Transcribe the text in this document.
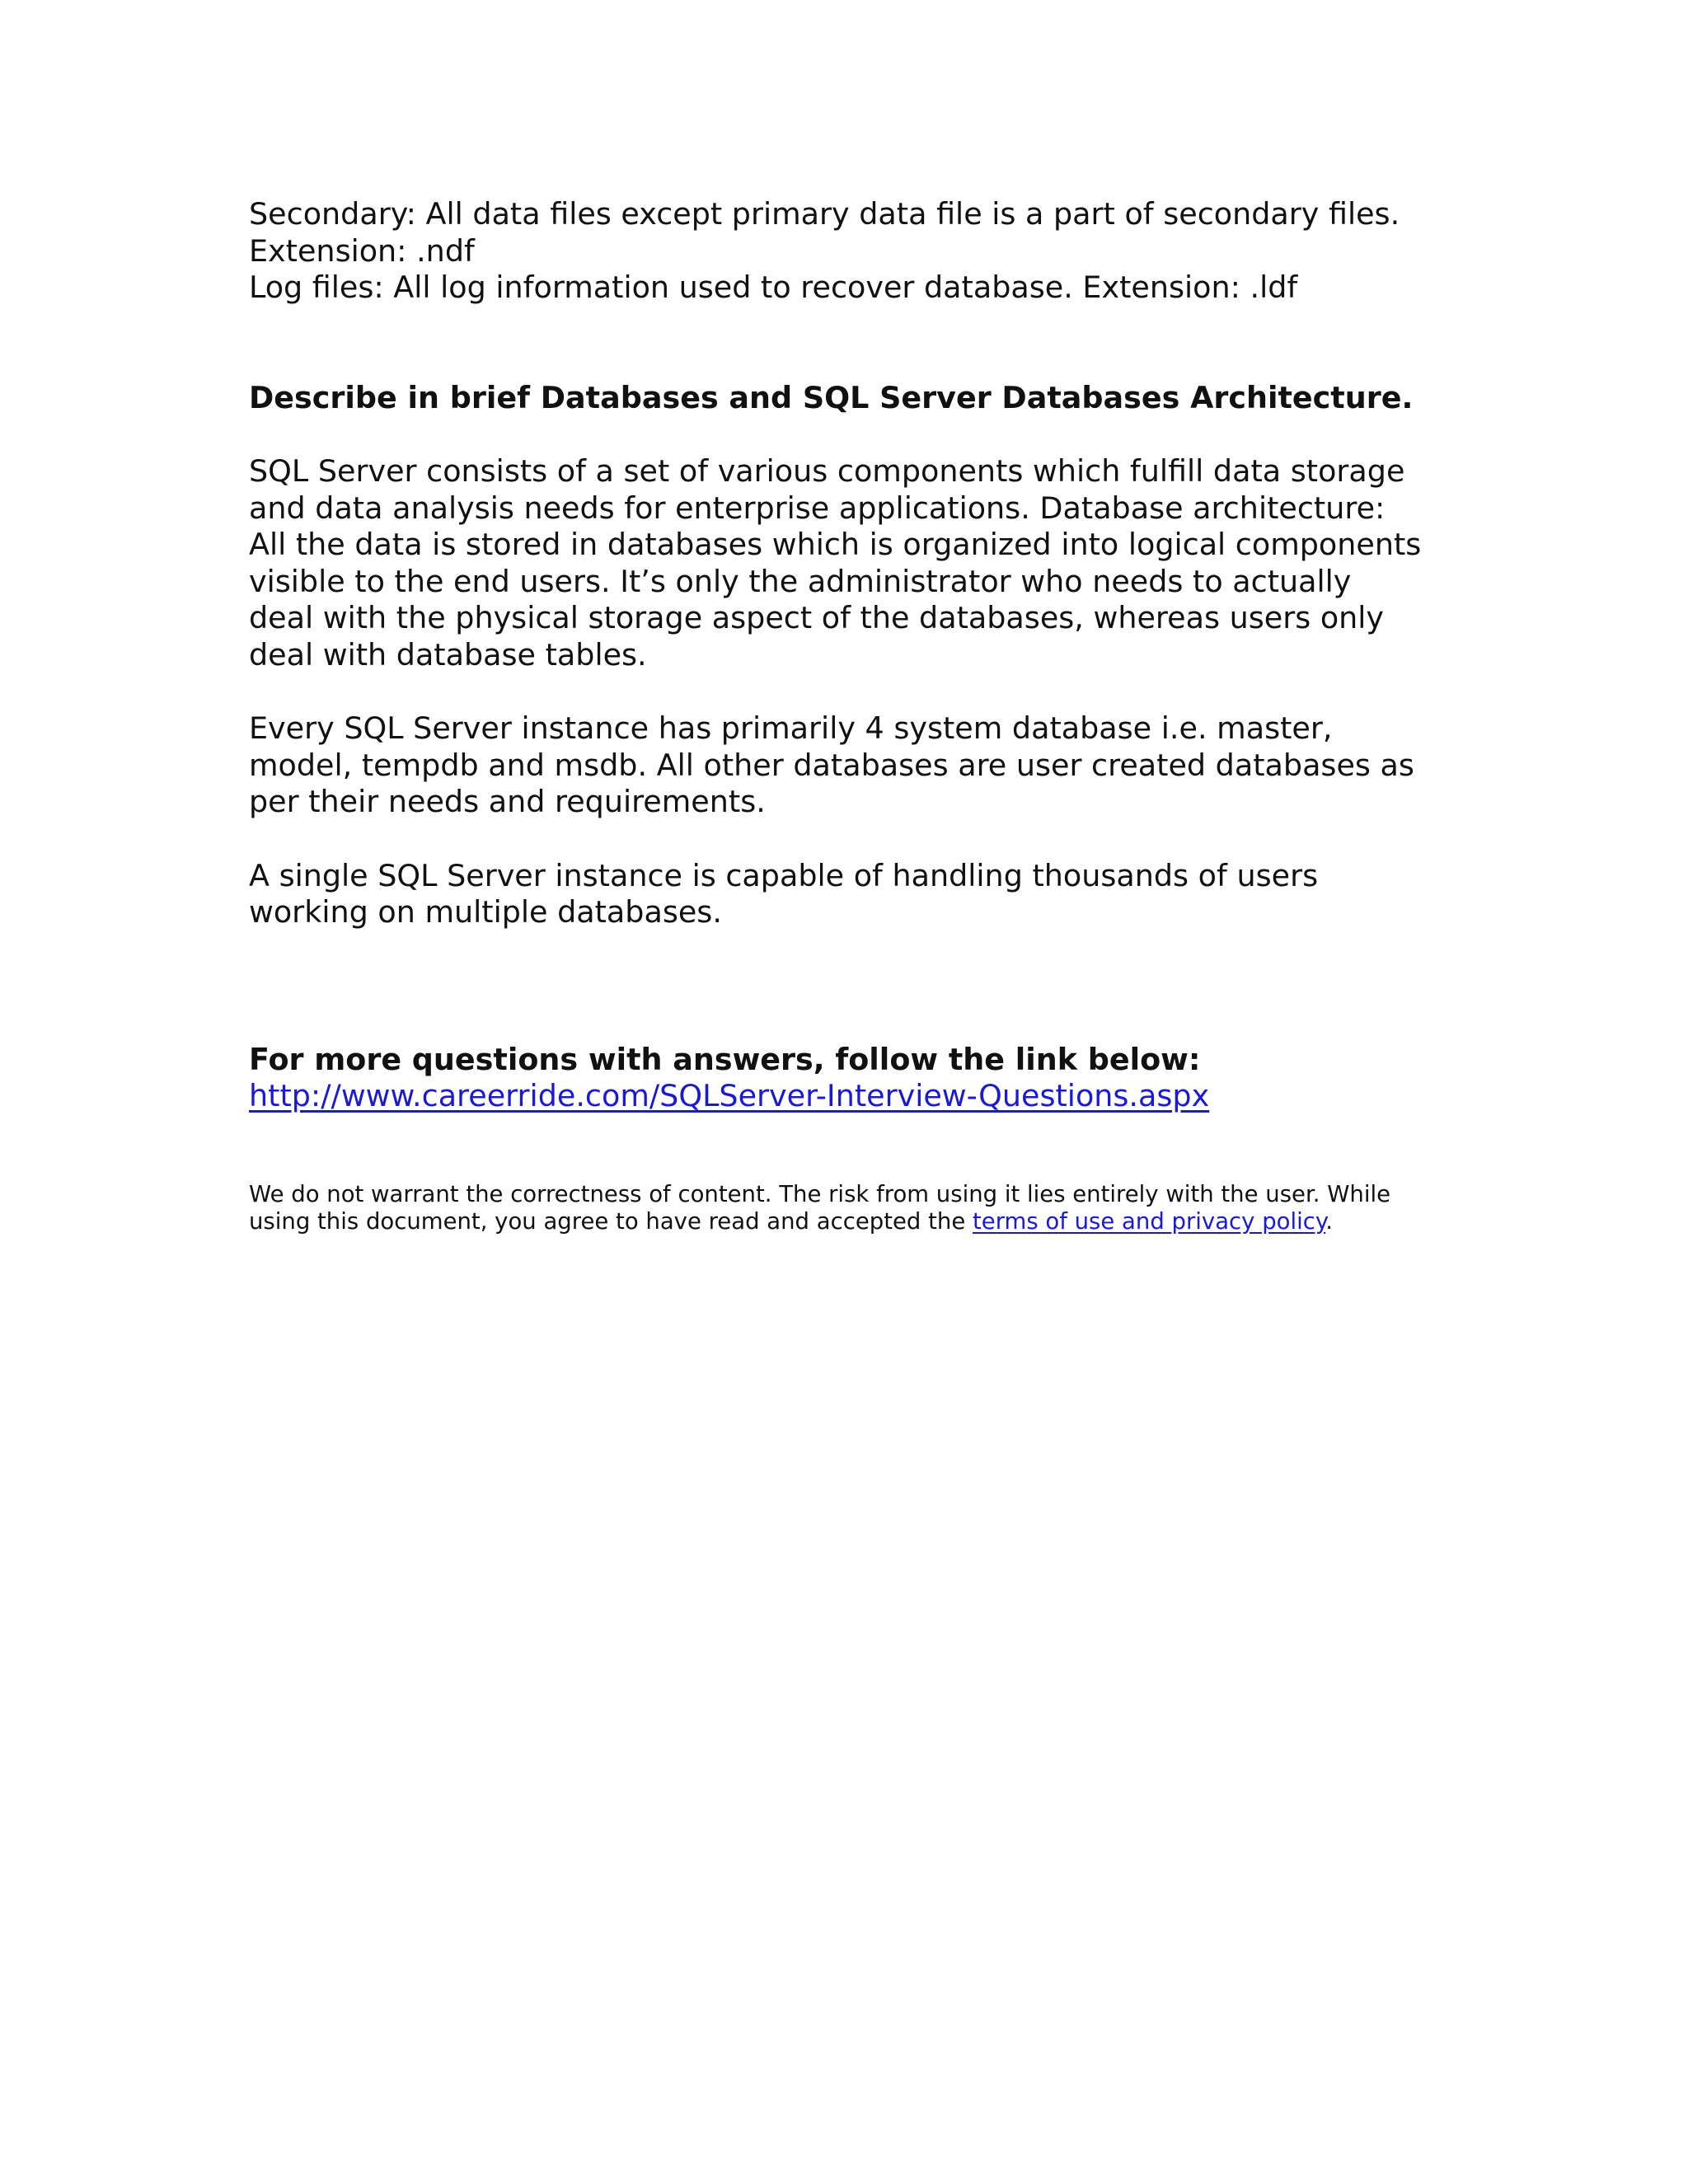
Secondary: All data files except primary data file is a part of secondary files.

Extension: .ndf

Log files: All log information used to recover database. Extension: .ldf

Describe in brief Databases and SQL Server Databases Architecture.

SQL Server consists of a set of various components which fulfill data storage

and data analysis needs for enterprise applications. Database architecture:

All the data is stored in databases which is organized into logical components

visible to the end users. It’s only the administrator who needs to actually

deal with the physical storage aspect of the databases, whereas users only

deal with database tables.

Every SQL Server instance has primarily 4 system database i.e. master,

model, tempdb and msdb. All other databases are user created databases as

per their needs and requirements.

A single SQL Server instance is capable of handling thousands of users

working on multiple databases.

For more questions with answers, follow the link below:

http://www.careerride.com/SQLServer-Interview-Questions.aspx

We do not warrant the correctness of content. The risk from using it lies entirely with the user. While

using this document, you agree to have read and accepted the terms of use and privacy policy.
